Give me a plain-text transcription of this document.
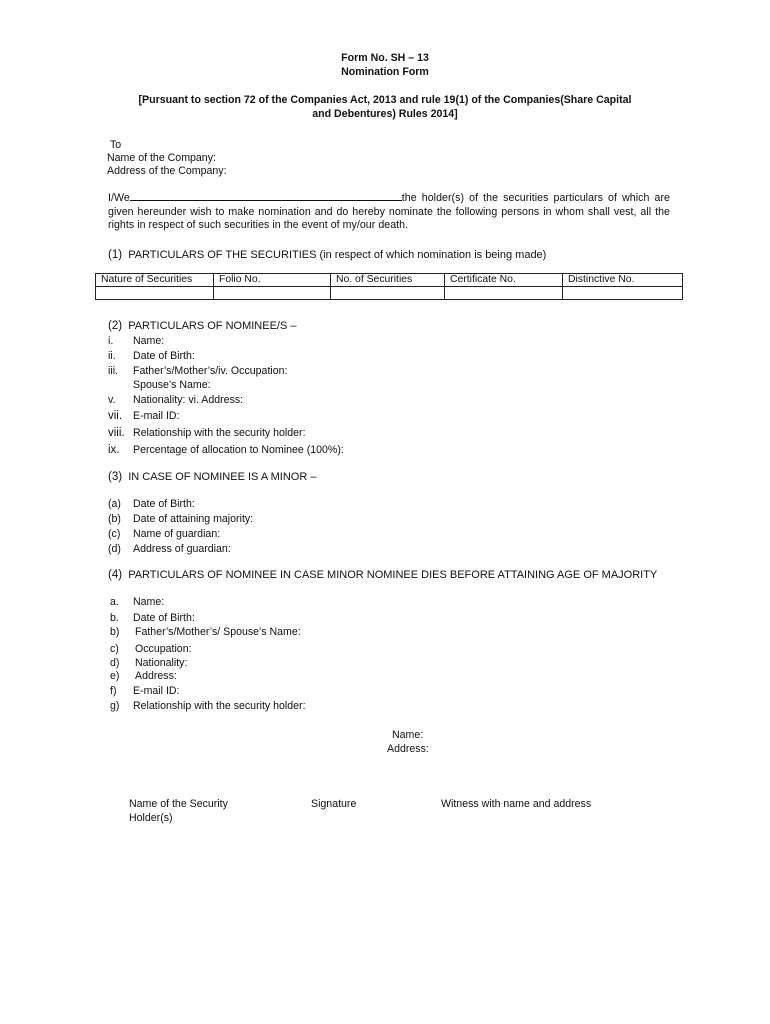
Form No. SH – 13
Nomination Form
[Pursuant to section 72 of the Companies Act, 2013 and rule 19(1) of the Companies(Share Capital
and Debentures) Rules 2014]
To
Name of the Company:
Address of the Company:
I/We	the holder(s) of the securities particulars of which are given hereunder wish to make nomination and do hereby nominate the following persons in whom shall vest, all the rights in respect of such securities in the event of my/our death.
(1) PARTICULARS OF THE SECURITIES (in respect of which nomination is being made)
Nature of Securities	Folio No.	No. of Securities	Certificate No.	Distinctive No.

(2) PARTICULARS OF NOMINEE/S –
i. Name:
ii. Date of Birth:
iii. Father’s/Mother’s/iv. Occupation:
Spouse’s Name:
v. Nationality: vi. Address:
vii. E-mail ID:
viii. Relationship with the security holder:
ix. Percentage of allocation to Nominee (100%):
(3) IN CASE OF NOMINEE IS A MINOR –
(a) Date of Birth:
(b) Date of attaining majority:
(c) Name of guardian:
(d) Address of guardian:
(4) PARTICULARS OF NOMINEE IN CASE MINOR NOMINEE DIES BEFORE ATTAINING AGE OF MAJORITY
a. Name:
b. Date of Birth:
b) Father’s/Mother’s/ Spouse’s Name:
c) Occupation:
d) Nationality:
e) Address:
f) E-mail ID:
g) Relationship with the security holder:
Name:
Address:
Name of the Security
Holder(s)
Signature	Witness with name and address
